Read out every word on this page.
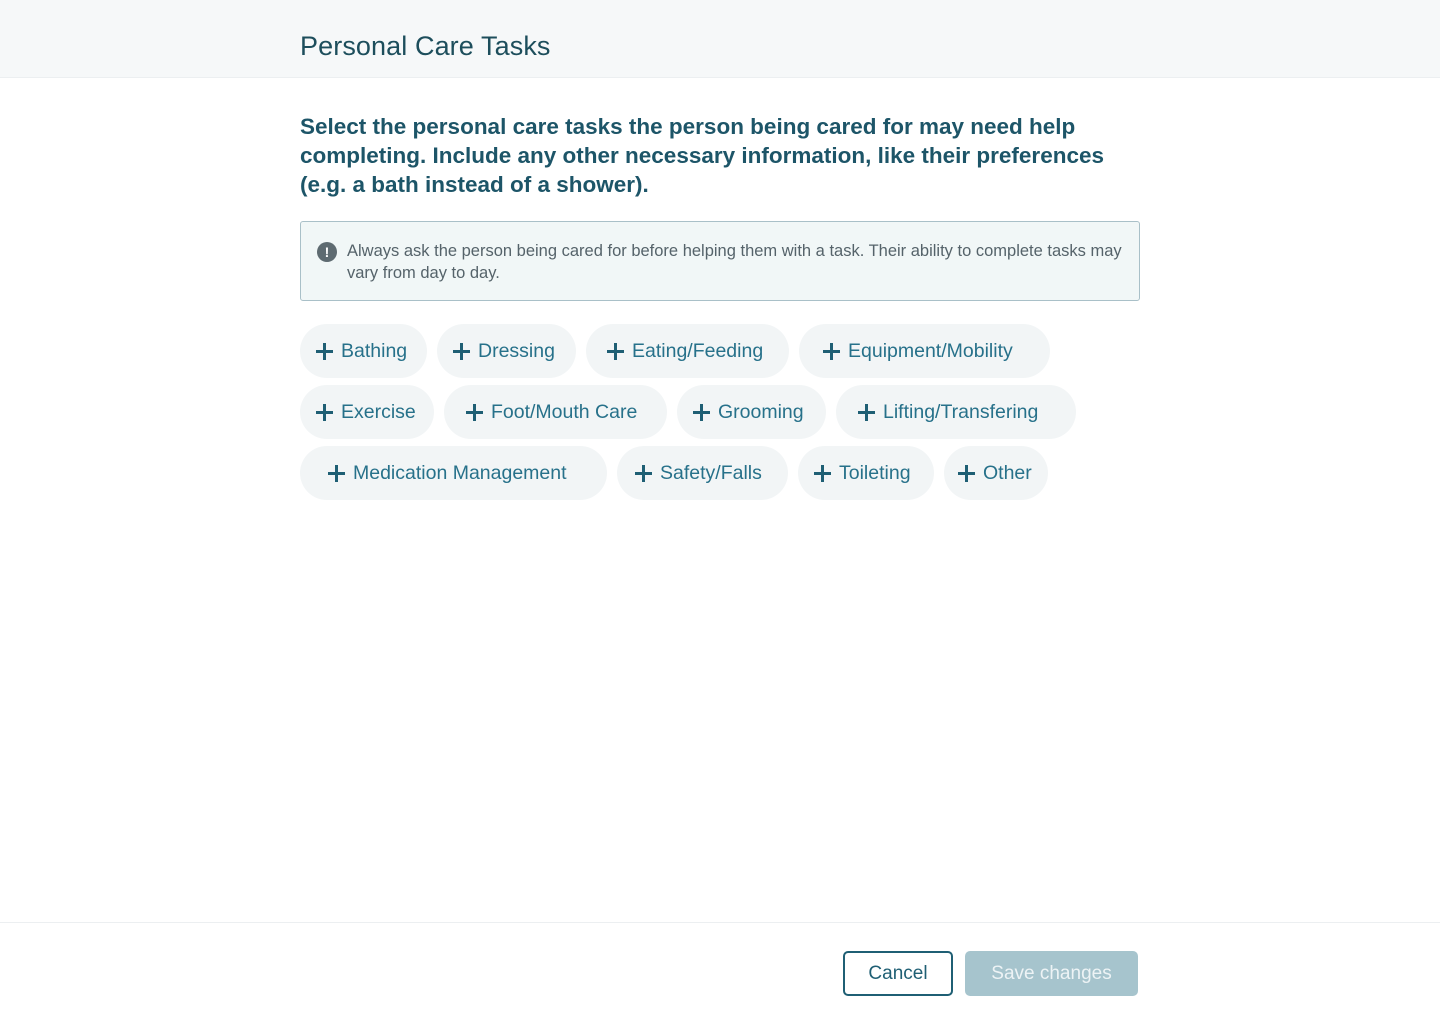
Personal Care Tasks

Select the personal care tasks the person being cared for may need help completing. Include any other necessary information, like their preferences (e.g. a bath instead of a shower).

!	Always ask the person being cared for before helping them with a task. Their ability to complete tasks may vary from day to day.

Bathing	Dressing	Eating/Feeding	Equipment/Mobility
Exercise	Foot/Mouth Care	Grooming	Lifting/Transfering
Medication Management	Safety/Falls	Toileting	Other
Cancel	Save changes
